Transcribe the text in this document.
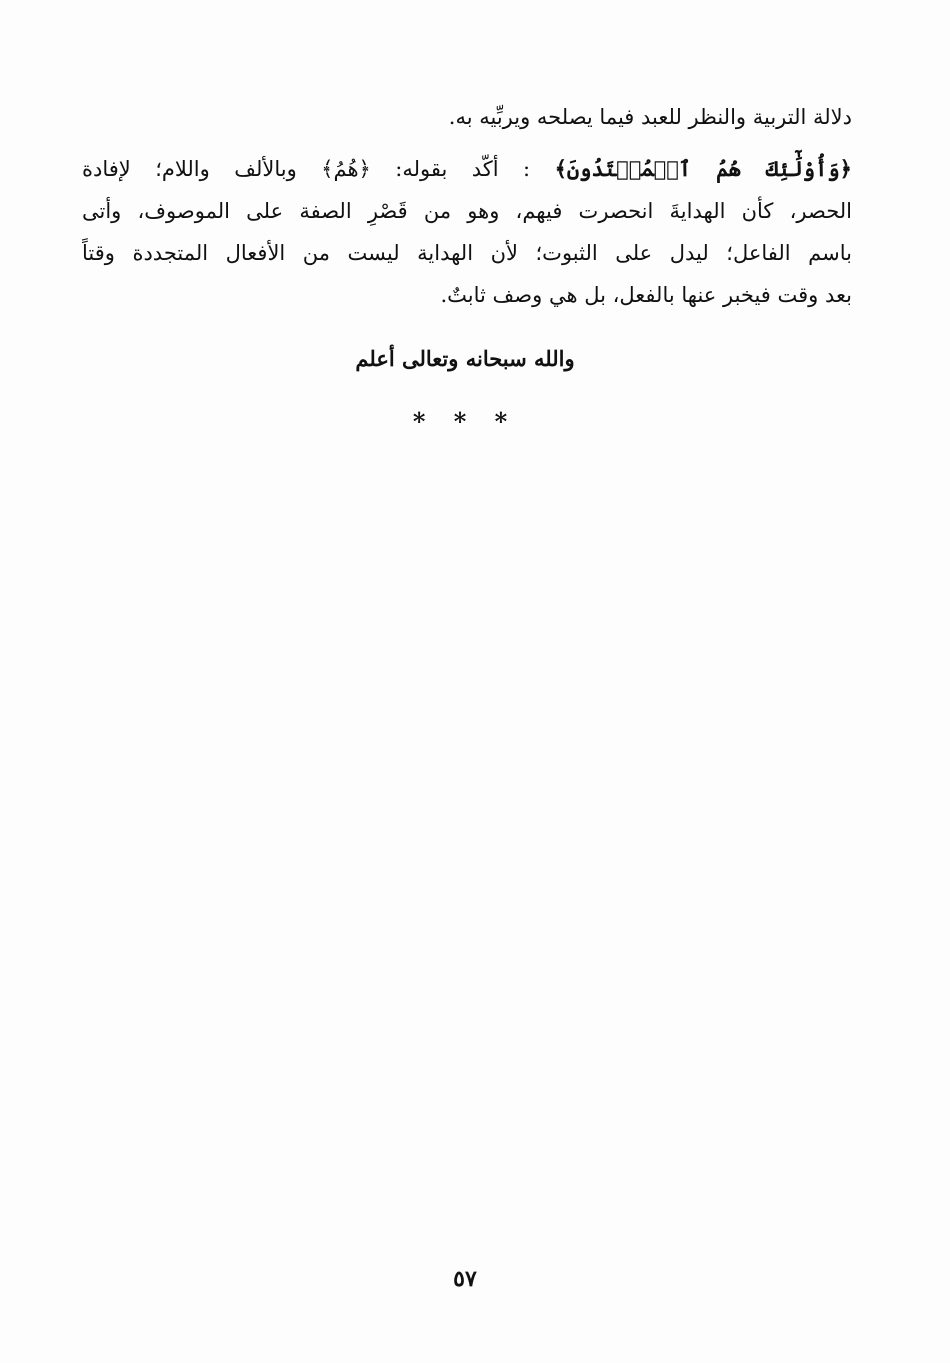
دلالة التربية والنظر للعبد فيما يصلحه ويربِّيه به.
﴿وَأُوْلَٰٓئِكَ هُمُ ٱلۡمُهۡتَدُونَ﴾ : أكّد بقوله: ﴿هُمُ﴾ وبالألف واللام؛ لإفادة
الحصر، كأن الهدايةَ انحصرت فيهم، وهو من قَصْرِ الصفة على الموصوف، وأتى
باسم الفاعل؛ ليدل على الثبوت؛ لأن الهداية ليست من الأفعال المتجددة وقتاً
بعد وقت فيخبر عنها بالفعل، بل هي وصف ثابتٌ.
والله سبحانه وتعالى أعلم
* * *
٥٧
